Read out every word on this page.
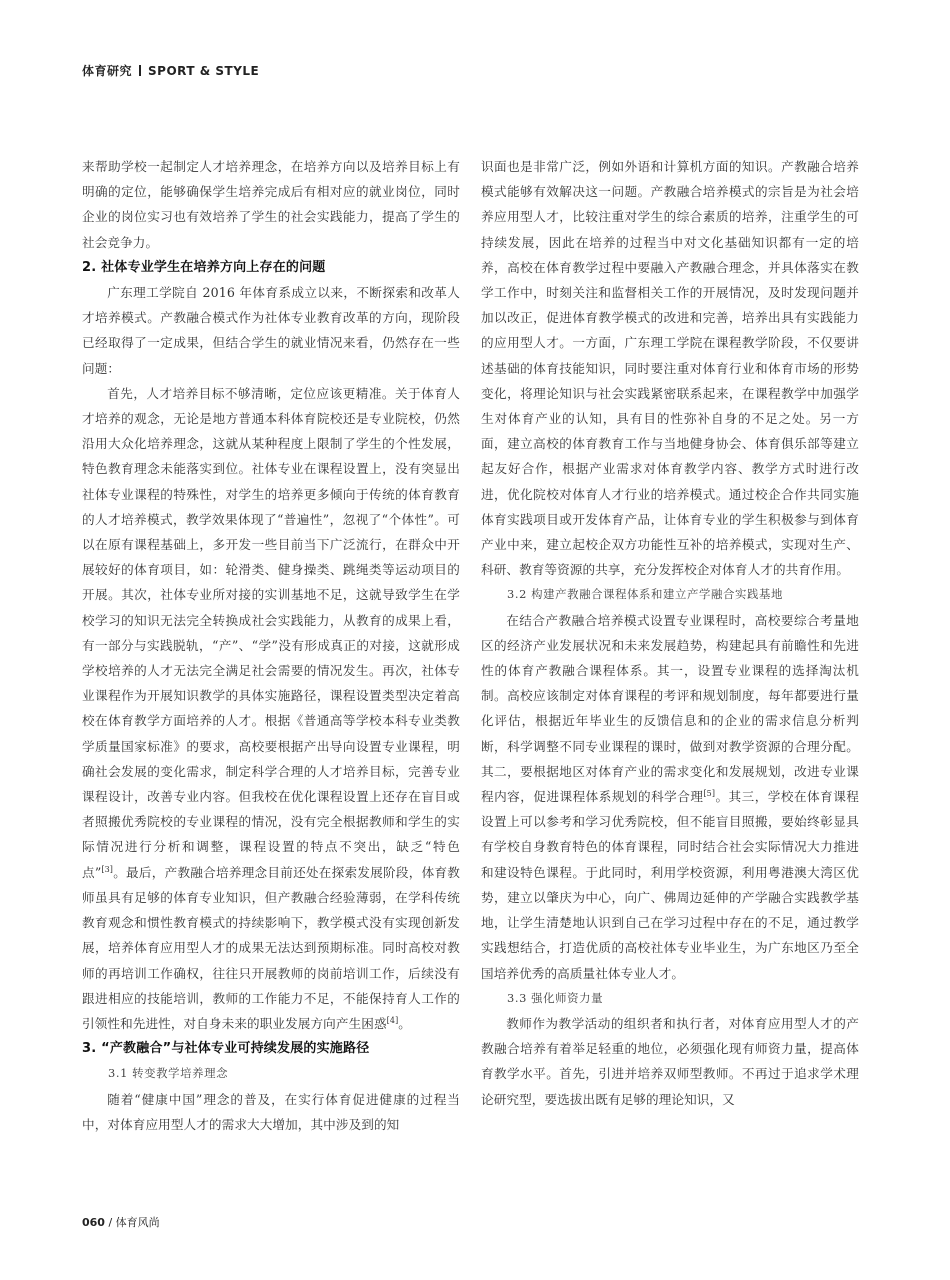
体育研究 SPORT & STYLE

来帮助学校一起制定人才培养理念，在培养方向以及培养目标上有明确的定位，能够确保学生培养完成后有相对应的就业岗位，同时企业的岗位实习也有效培养了学生的社会实践能力，提高了学生的社会竞争力。

2. 社体专业学生在培养方向上存在的问题

广东理工学院自 2016 年体育系成立以来，不断探索和改革人才培养模式。产教融合模式作为社体专业教育改革的方向，现阶段已经取得了一定成果，但结合学生的就业情况来看，仍然存在一些问题：

首先，人才培养目标不够清晰，定位应该更精准。关于体育人才培养的观念，无论是地方普通本科体育院校还是专业院校，仍然沿用大众化培养理念，这就从某种程度上限制了学生的个性发展，特色教育理念未能落实到位。社体专业在课程设置上，没有突显出社体专业课程的特殊性，对学生的培养更多倾向于传统的体育教育的人才培养模式，教学效果体现了“普遍性”，忽视了“个体性”。可以在原有课程基础上，多开发一些目前当下广泛流行，在群众中开展较好的体育项目，如：轮滑类、健身操类、跳绳类等运动项目的开展。其次，社体专业所对接的实训基地不足，这就导致学生在学校学习的知识无法完全转换成社会实践能力，从教育的成果上看，有一部分与实践脱轨，“产”、“学”没有形成真正的对接，这就形成学校培养的人才无法完全满足社会需要的情况发生。再次，社体专业课程作为开展知识教学的具体实施路径，课程设置类型决定着高校在体育教学方面培养的人才。根据《普通高等学校本科专业类教学质量国家标准》的要求，高校要根据产出导向设置专业课程，明确社会发展的变化需求，制定科学合理的人才培养目标，完善专业课程设计，改善专业内容。但我校在优化课程设置上还存在盲目或者照搬优秀院校的专业课程的情况，没有完全根据教师和学生的实际情况进行分析和调整，课程设置的特点不突出，缺乏“特色点”[3]。最后，产教融合培养理念目前还处在探索发展阶段，体育教师虽具有足够的体育专业知识，但产教融合经验薄弱，在学科传统教育观念和惯性教育模式的持续影响下，教学模式没有实现创新发展，培养体育应用型人才的成果无法达到预期标准。同时高校对教师的再培训工作确权，往往只开展教师的岗前培训工作，后续没有跟进相应的技能培训，教师的工作能力不足，不能保持育人工作的引领性和先进性，对自身未来的职业发展方向产生困惑[4]。

3. “产教融合”与社体专业可持续发展的实施路径
3.1 转变教学培养理念

随着“健康中国”理念的普及，在实行体育促进健康的过程当中，对体育应用型人才的需求大大增加，其中涉及到的知

识面也是非常广泛，例如外语和计算机方面的知识。产教融合培养模式能够有效解决这一问题。产教融合培养模式的宗旨是为社会培养应用型人才，比较注重对学生的综合素质的培养，注重学生的可持续发展，因此在培养的过程当中对文化基础知识都有一定的培养，高校在体育教学过程中要融入产教融合理念，并具体落实在教学工作中，时刻关注和监督相关工作的开展情况，及时发现问题并加以改正，促进体育教学模式的改进和完善，培养出具有实践能力的应用型人才。一方面，广东理工学院在课程教学阶段，不仅要讲述基础的体育技能知识，同时要注重对体育行业和体育市场的形势变化，将理论知识与社会实践紧密联系起来，在课程教学中加强学生对体育产业的认知，具有目的性弥补自身的不足之处。另一方面，建立高校的体育教育工作与当地健身协会、体育俱乐部等建立起友好合作，根据产业需求对体育教学内容、教学方式时进行改进，优化院校对体育人才行业的培养模式。通过校企合作共同实施体育实践项目或开发体育产品，让体育专业的学生积极参与到体育产业中来，建立起校企双方功能性互补的培养模式，实现对生产、科研、教育等资源的共享，充分发挥校企对体育人才的共育作用。

3.2 构建产教融合课程体系和建立产学融合实践基地

在结合产教融合培养模式设置专业课程时，高校要综合考量地区的经济产业发展状况和未来发展趋势，构建起具有前瞻性和先进性的体育产教融合课程体系。其一，设置专业课程的选择淘汰机制。高校应该制定对体育课程的考评和规划制度，每年都要进行量化评估，根据近年毕业生的反馈信息和的企业的需求信息分析判断，科学调整不同专业课程的课时，做到对教学资源的合理分配。其二，要根据地区对体育产业的需求变化和发展规划，改进专业课程内容，促进课程体系规划的科学合理[5]。其三，学校在体育课程设置上可以参考和学习优秀院校，但不能盲目照搬，要始终彰显具有学校自身教育特色的体育课程，同时结合社会实际情况大力推进和建设特色课程。于此同时，利用学校资源，利用粤港澳大湾区优势，建立以肇庆为中心，向广、佛周边延伸的产学融合实践教学基地，让学生清楚地认识到自己在学习过程中存在的不足，通过教学实践想结合，打造优质的高校社体专业毕业生，为广东地区乃至全国培养优秀的高质量社体专业人才。

3.3 强化师资力量

教师作为教学活动的组织者和执行者，对体育应用型人才的产教融合培养有着举足轻重的地位，必须强化现有师资力量，提高体育教学水平。首先，引进并培养双师型教师。不再过于追求学术理论研究型，要选拔出既有足够的理论知识，又

060 / 体育风尚
